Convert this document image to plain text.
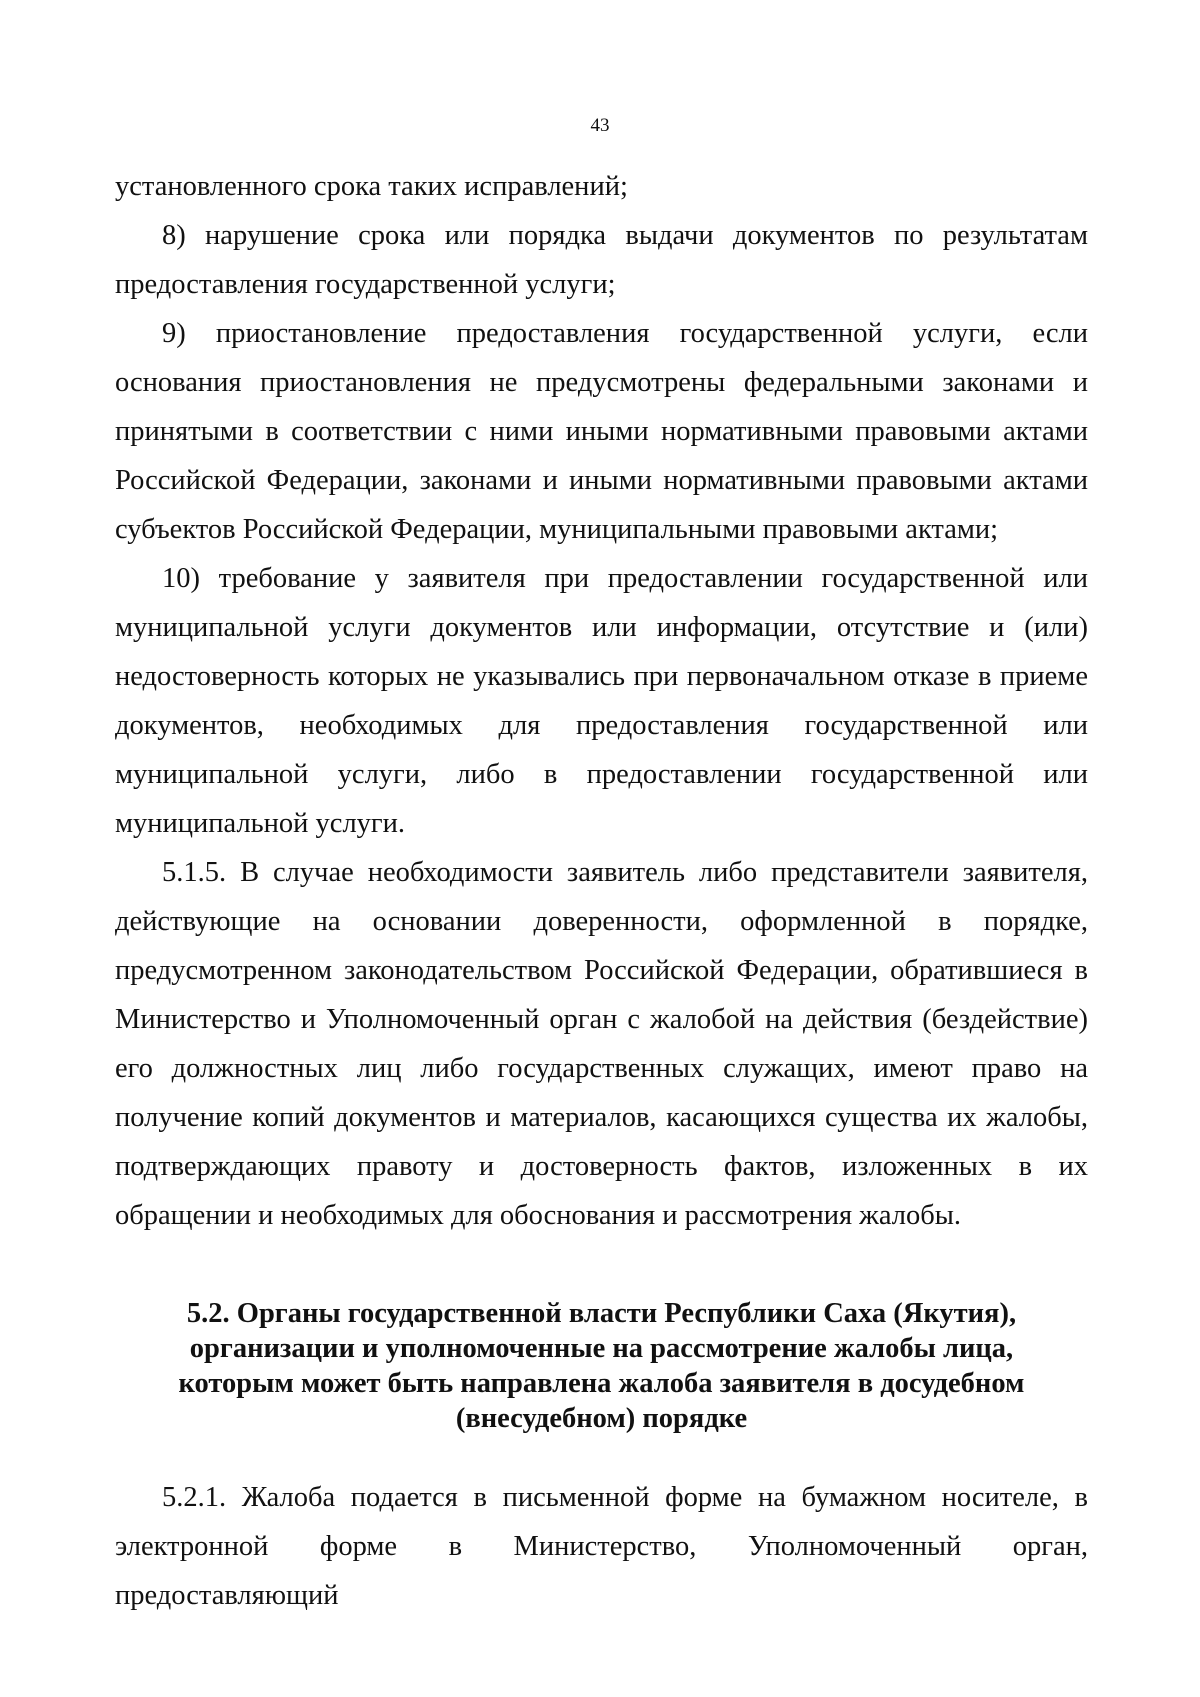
43

установленного срока таких исправлений;

8) нарушение срока или порядка выдачи документов по результатам предоставления государственной услуги;

9) приостановление предоставления государственной услуги, если основания приостановления не предусмотрены федеральными законами и принятыми в соответствии с ними иными нормативными правовыми актами Российской Федерации, законами и иными нормативными правовыми актами субъектов Российской Федерации, муниципальными правовыми актами;

10) требование у заявителя при предоставлении государственной или муниципальной услуги документов или информации, отсутствие и (или) недостоверность которых не указывались при первоначальном отказе в приеме документов, необходимых для предоставления государственной или муниципальной услуги, либо в предоставлении государственной или муниципальной услуги.

5.1.5. В случае необходимости заявитель либо представители заявителя, действующие на основании доверенности, оформленной в порядке, предусмотренном законодательством Российской Федерации, обратившиеся в Министерство и Уполномоченный орган с жалобой на действия (бездействие) его должностных лиц либо государственных служащих, имеют право на получение копий документов и материалов, касающихся существа их жалобы, подтверждающих правоту и достоверность фактов, изложенных в их обращении и необходимых для обоснования и рассмотрения жалобы.

5.2. Органы государственной власти Республики Саха (Якутия),
организации и уполномоченные на рассмотрение жалобы лица,
которым может быть направлена жалоба заявителя в досудебном
(внесудебном) порядке

5.2.1. Жалоба подается в письменной форме на бумажном носителе, в электронной форме в Министерство, Уполномоченный орган, предоставляющий
